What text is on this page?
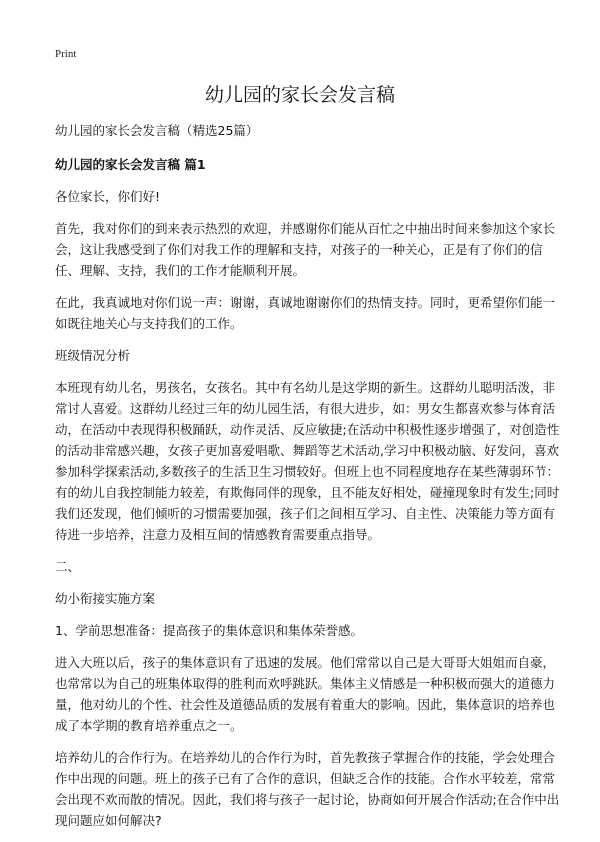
Print
幼儿园的家长会发言稿

幼儿园的家长会发言稿（精选25篇）

幼儿园的家长会发言稿 篇1

各位家长，你们好!

首先，我对你们的到来表示热烈的欢迎，并感谢你们能从百忙之中抽出时间来参加这个家长会，这让我感受到了你们对我工作的理解和支持，对孩子的一种关心，正是有了你们的信任、理解、支持，我们的工作才能顺利开展。

在此，我真诚地对你们说一声：谢谢，真诚地谢谢你们的热情支持。同时，更希望你们能一如既往地关心与支持我们的工作。

班级情况分析

本班现有幼儿名，男孩名，女孩名。其中有名幼儿是这学期的新生。这群幼儿聪明活泼，非常讨人喜爱。这群幼儿经过三年的幼儿园生活，有很大进步，如：男女生都喜欢参与体育活动，在活动中表现得积极踊跃，动作灵活、反应敏捷;在活动中积极性逐步增强了，对创造性的活动非常感兴趣，女孩子更加喜爱唱歌、舞蹈等艺术活动,学习中积极动脑、好发问，喜欢参加科学探索活动,多数孩子的生活卫生习惯较好。但班上也不同程度地存在某些薄弱环节：有的幼儿自我控制能力较差，有欺侮同伴的现象，且不能友好相处，碰撞现象时有发生;同时我们还发现，他们倾听的习惯需要加强，孩子们之间相互学习、自主性、决策能力等方面有待进一步培养，注意力及相互间的情感教育需要重点指导。

二、

幼小衔接实施方案

1、学前思想准备：提高孩子的集体意识和集体荣誉感。

进入大班以后，孩子的集体意识有了迅速的发展。他们常常以自己是大哥哥大姐姐而自豪，也常常以为自己的班集体取得的胜利而欢呼跳跃。集体主义情感是一种积极而强大的道德力量，他对幼儿的个性、社会性及道德品质的发展有着重大的影响。因此，集体意识的培养也成了本学期的教育培养重点之一。

培养幼儿的合作行为。在培养幼儿的合作行为时，首先教孩子掌握合作的技能，学会处理合作中出现的问题。班上的孩子已有了合作的意识，但缺乏合作的技能。合作水平较差，常常会出现不欢而散的情况。因此，我们将与孩子一起讨论，协商如何开展合作活动;在合作中出现问题应如何解决?
